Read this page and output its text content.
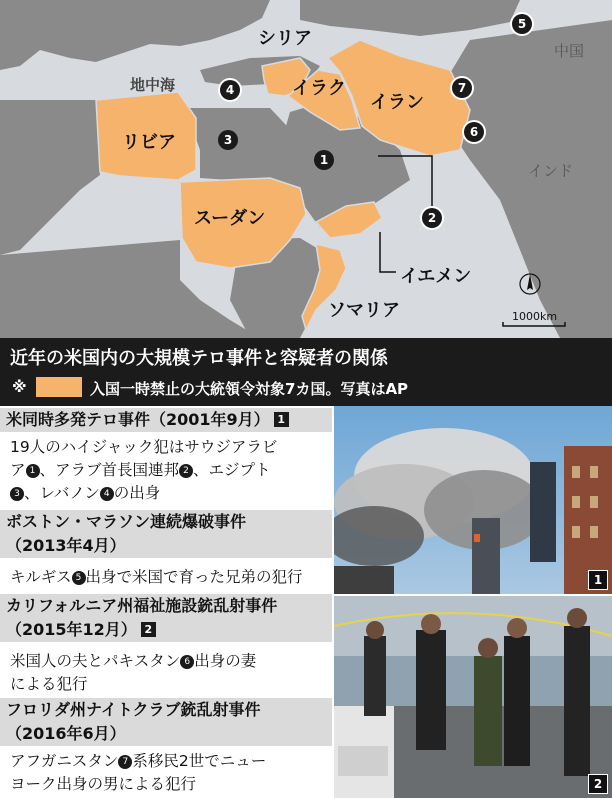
シリア
イラク
イラン
リビア
スーダン
イエメン
ソマリア
中国
インド
地中海
1
2
3
4
5
6
7
1000km
近年の米国内の大規模テロ事件と容疑者の関係
※	入国一時禁止の大統領令対象7カ国。写真はAP
米同時多発テロ事件（2001年9月） 1
19人のハイジャック犯はサウジアラビ
ア 1 、アラブ首長国連邦 2 、エジプト
3 、レバノン 4 の出身
ボストン・マラソン連続爆破事件
（2013年4月）
キルギス 5 出身で米国で育った兄弟の犯行
カリフォルニア州福祉施設銃乱射事件
（2015年12月） 2
米国人の夫とパキスタン 6 出身の妻
による犯行
フロリダ州ナイトクラブ銃乱射事件
（2016年6月）
アフガニスタン 7 系移民2世でニュー
ヨーク出身の男による犯行
1
2
